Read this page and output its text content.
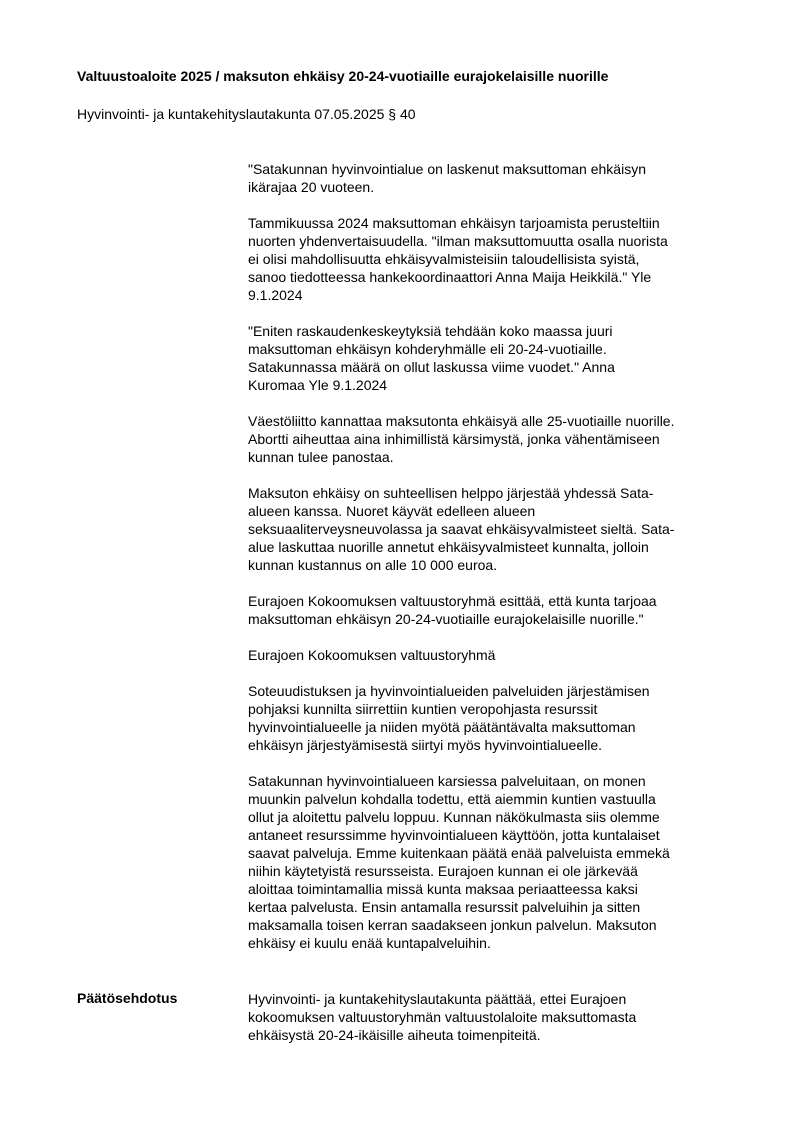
Valtuustoaloite 2025 / maksuton ehkäisy 20-24-vuotiaille eurajokelaisille nuorille
Hyvinvointi- ja kuntakehityslautakunta 07.05.2025 § 40

"Satakunnan hyvinvointialue on laskenut maksuttoman ehkäisyn
ikärajaa 20 vuoteen.

Tammikuussa 2024 maksuttoman ehkäisyn tarjoamista perusteltiin
nuorten yhdenvertaisuudella. "ilman maksuttomuutta osalla nuorista
ei olisi mahdollisuutta ehkäisyvalmisteisiin taloudellisista syistä,
sanoo tiedotteessa hankekoordinaattori Anna Maija Heikkilä." Yle
9.1.2024

"Eniten raskaudenkeskeytyksiä tehdään koko maassa juuri
maksuttoman ehkäisyn kohderyhmälle eli 20-24-vuotiaille.
Satakunnassa määrä on ollut laskussa viime vuodet." Anna
Kuromaa Yle 9.1.2024

Väestöliitto kannattaa maksutonta ehkäisyä alle 25-vuotiaille nuorille.
Abortti aiheuttaa aina inhimillistä kärsimystä, jonka vähentämiseen
kunnan tulee panostaa.

Maksuton ehkäisy on suhteellisen helppo järjestää yhdessä Sata-
alueen kanssa. Nuoret käyvät edelleen alueen
seksuaaliterveysneuvolassa ja saavat ehkäisyvalmisteet sieltä. Sata-
alue laskuttaa nuorille annetut ehkäisyvalmisteet kunnalta, jolloin
kunnan kustannus on alle 10 000 euroa.

Eurajoen Kokoomuksen valtuustoryhmä esittää, että kunta tarjoaa
maksuttoman ehkäisyn 20-24-vuotiaille eurajokelaisille nuorille."

Eurajoen Kokoomuksen valtuustoryhmä

Soteuudistuksen ja hyvinvointialueiden palveluiden järjestämisen
pohjaksi kunnilta siirrettiin kuntien veropohjasta resurssit
hyvinvointialueelle ja niiden myötä päätäntävalta maksuttoman
ehkäisyn järjestyämisestä siirtyi myös hyvinvointialueelle.

Satakunnan hyvinvointialueen karsiessa palveluitaan, on monen
muunkin palvelun kohdalla todettu, että aiemmin kuntien vastuulla
ollut ja aloitettu palvelu loppuu. Kunnan näkökulmasta siis olemme
antaneet resurssimme hyvinvointialueen käyttöön, jotta kuntalaiset
saavat palveluja. Emme kuitenkaan päätä enää palveluista emmekä
niihin käytetyistä resursseista. Eurajoen kunnan ei ole järkevää
aloittaa toimintamallia missä kunta maksaa periaatteessa kaksi
kertaa palvelusta. Ensin antamalla resurssit palveluihin ja sitten
maksamalla toisen kerran saadakseen jonkun palvelun. Maksuton
ehkäisy ei kuulu enää kuntapalveluihin.

Päätösehdotus	Hyvinvointi- ja kuntakehityslautakunta päättää, ettei Eurajoen
kokoomuksen valtuustoryhmän valtuustolaloite maksuttomasta
ehkäisystä 20-24-ikäisille aiheuta toimenpiteitä.
